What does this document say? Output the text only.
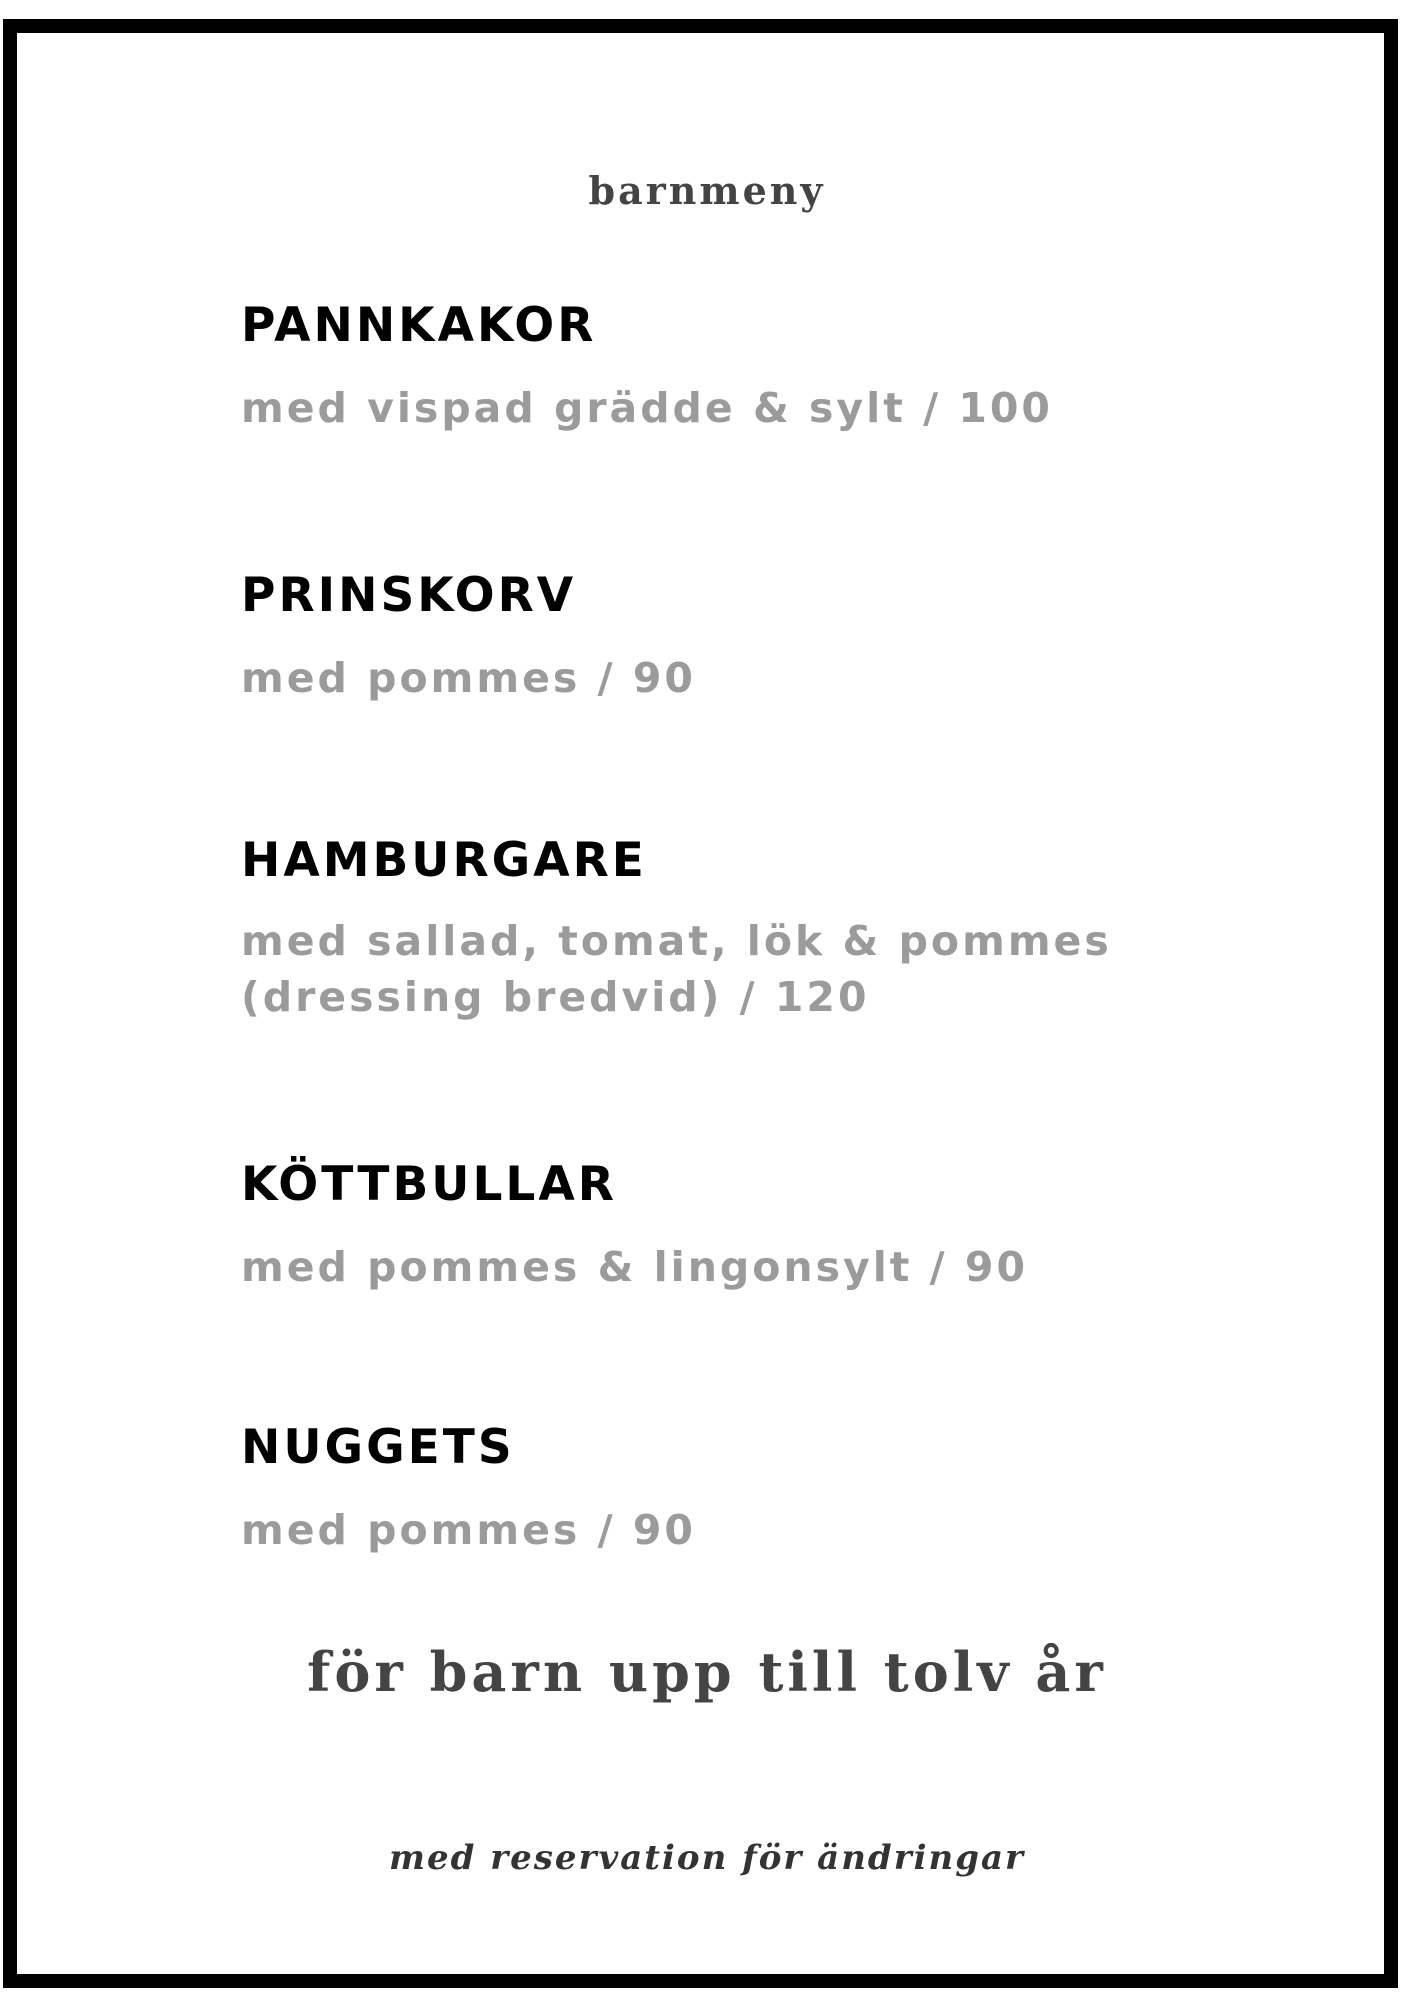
barnmeny

PANNKAKOR

med vispad grädde & sylt / 100

PRINSKORV

med pommes / 90

HAMBURGARE

med sallad, tomat, lök & pommes

(dressing bredvid) / 120

KÖTTBULLAR

med pommes & lingonsylt / 90

NUGGETS

med pommes / 90

för barn upp till tolv år

med reservation för ändringar
